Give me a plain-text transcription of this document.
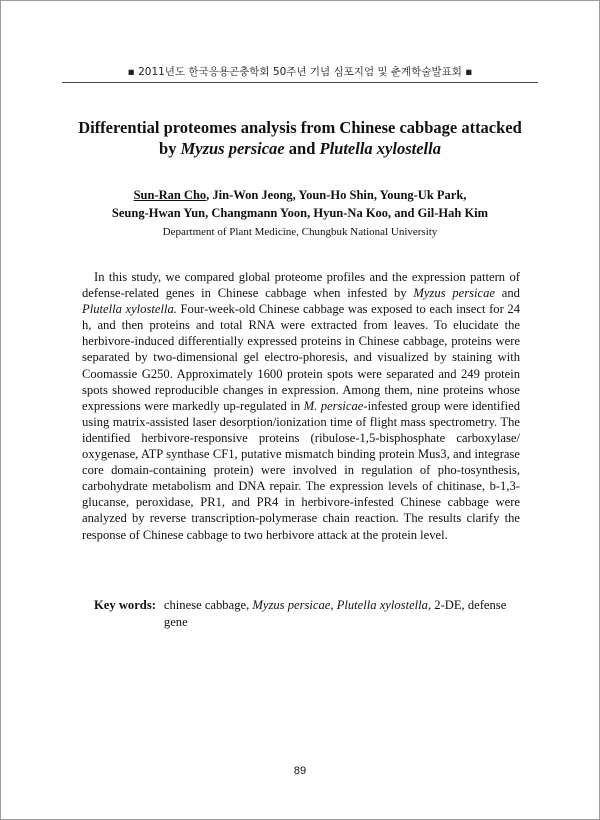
▪ 2011년도 한국응용곤충학회 50주년 기념 심포지엄 및 춘계학술발표회 ▪
Differential proteomes analysis from Chinese cabbage attacked by Myzus persicae and Plutella xylostella
Sun-Ran Cho, Jin-Won Jeong, Youn-Ho Shin, Young-Uk Park,
Seung-Hwan Yun, Changmann Yoon, Hyun-Na Koo, and Gil-Hah Kim
Department of Plant Medicine, Chungbuk National University

In this study, we compared global proteome profiles and the expression pattern of defense-related genes in Chinese cabbage when infested by Myzus persicae and Plutella xylostella. Four-week-old Chinese cabbage was exposed to each insect for 24 h, and then proteins and total RNA were extracted from leaves. To elucidate the herbivore-induced differentially expressed proteins in Chinese cabbage, proteins were separated by two-dimensional gel electro-phoresis, and visualized by staining with Coomassie G250. Approximately 1600 protein spots were separated and 249 protein spots showed reproducible changes in expression. Among them, nine proteins whose expressions were markedly up-regulated in M. persicae-infested group were identified using matrix-assisted laser desorption/ionization time of flight mass spectrometry. The identified herbivore-responsive proteins (ribulose-1,5-bisphosphate carboxylase/ oxygenase, ATP synthase CF1, putative mismatch binding protein Mus3, and integrase core domain-containing protein) were involved in regulation of pho-tosynthesis, carbohydrate metabolism and DNA repair. The expression levels of chitinase, b-1,3-glucanse, peroxidase, PR1, and PR4 in herbivore-infested Chinese cabbage were analyzed by reverse transcription-polymerase chain reaction. The results clarify the response of Chinese cabbage to two herbivore attack at the protein level.

Key words: chinese cabbage, Myzus persicae, Plutella xylostella, 2-DE, defense gene
89
